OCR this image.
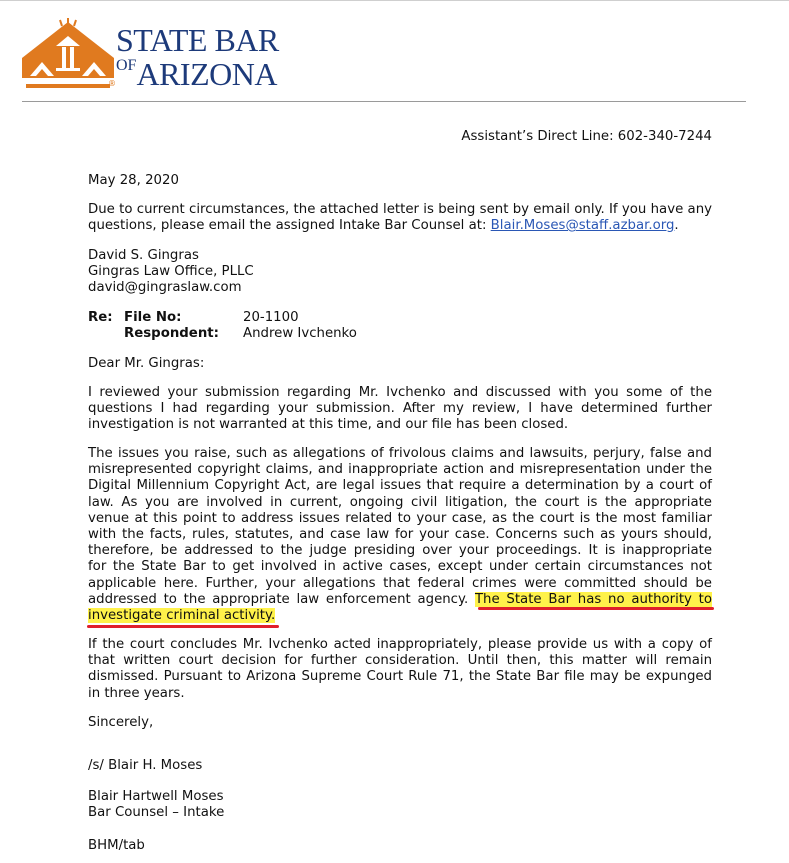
®
STATE BAR
OFARIZONA
Assistant’s Direct Line: 602-340-7244
May 28, 2020
Due to current circumstances, the attached letter is being sent by email only. If you have any
questions, please email the assigned Intake Bar Counsel at: Blair.Moses@staff.azbar.org.
David S. Gingras
Gingras Law Office, PLLC
david@gingraslaw.com
Re: File No:	20-1100
Respondent: Andrew Ivchenko
Dear Mr. Gingras:
I reviewed your submission regarding Mr. Ivchenko and discussed with you some of the
questions I had regarding your submission. After my review, I have determined further
investigation is not warranted at this time, and our file has been closed.
The issues you raise, such as allegations of frivolous claims and lawsuits, perjury, false and
misrepresented copyright claims, and inappropriate action and misrepresentation under the
Digital Millennium Copyright Act, are legal issues that require a determination by a court of
law. As you are involved in current, ongoing civil litigation, the court is the appropriate
venue at this point to address issues related to your case, as the court is the most familiar
with the facts, rules, statutes, and case law for your case. Concerns such as yours should,
therefore, be addressed to the judge presiding over your proceedings. It is inappropriate
for the State Bar to get involved in active cases, except under certain circumstances not
applicable here. Further, your allegations that federal crimes were committed should be
addressed to the appropriate law enforcement agency. The State Bar has no authority to
investigate criminal activity.
If the court concludes Mr. Ivchenko acted inappropriately, please provide us with a copy of
that written court decision for further consideration. Until then, this matter will remain
dismissed. Pursuant to Arizona Supreme Court Rule 71, the State Bar file may be expunged
in three years.
Sincerely,
/s/ Blair H. Moses
Blair Hartwell Moses
Bar Counsel – Intake
BHM/tab
